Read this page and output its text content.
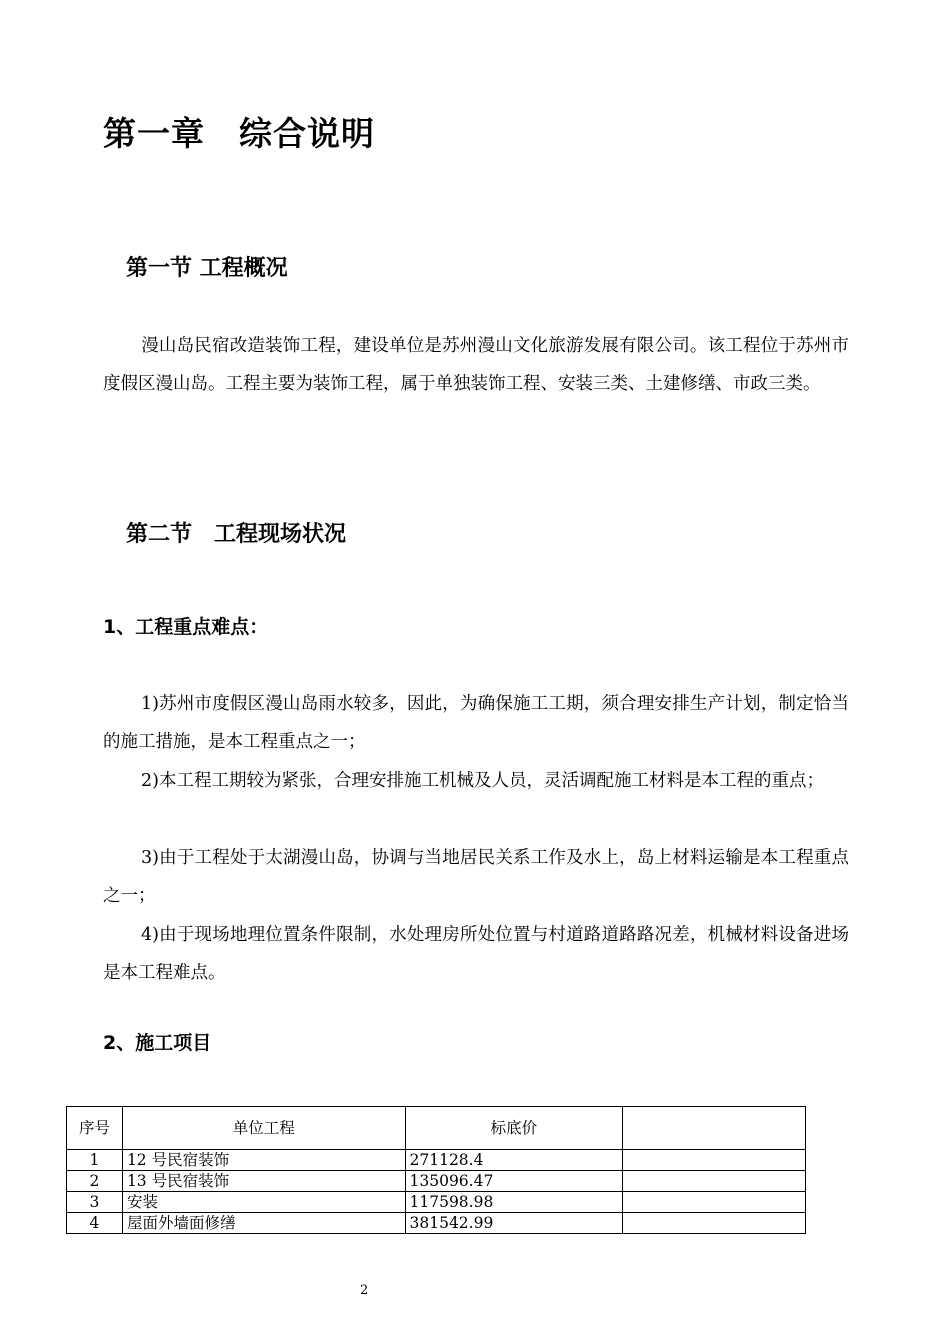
第一章 综合说明
第一节 工程概况
漫山岛民宿改造装饰工程，建设单位是苏州漫山文化旅游发展有限公司。该工程位于苏州市度假区漫山岛。工程主要为装饰工程，属于单独装饰工程、安装三类、土建修缮、市政三类。
第二节 工程现场状况
1、工程重点难点：
1)苏州市度假区漫山岛雨水较多，因此，为确保施工工期，须合理安排生产计划，制定恰当的施工措施，是本工程重点之一；
2)本工程工期较为紧张，合理安排施工机械及人员，灵活调配施工材料是本工程的重点；
3)由于工程处于太湖漫山岛，协调与当地居民关系工作及水上，岛上材料运输是本工程重点之一；
4)由于现场地理位置条件限制，水处理房所处位置与村道路道路路况差，机械材料设备进场是本工程难点。
2、施工项目
序号	单位工程	标底价	
1	12 号民宿装饰	271128.4	
2	13 号民宿装饰	135096.47	
3	安装	117598.98	
4	屋面外墙面修缮	381542.99	
2
